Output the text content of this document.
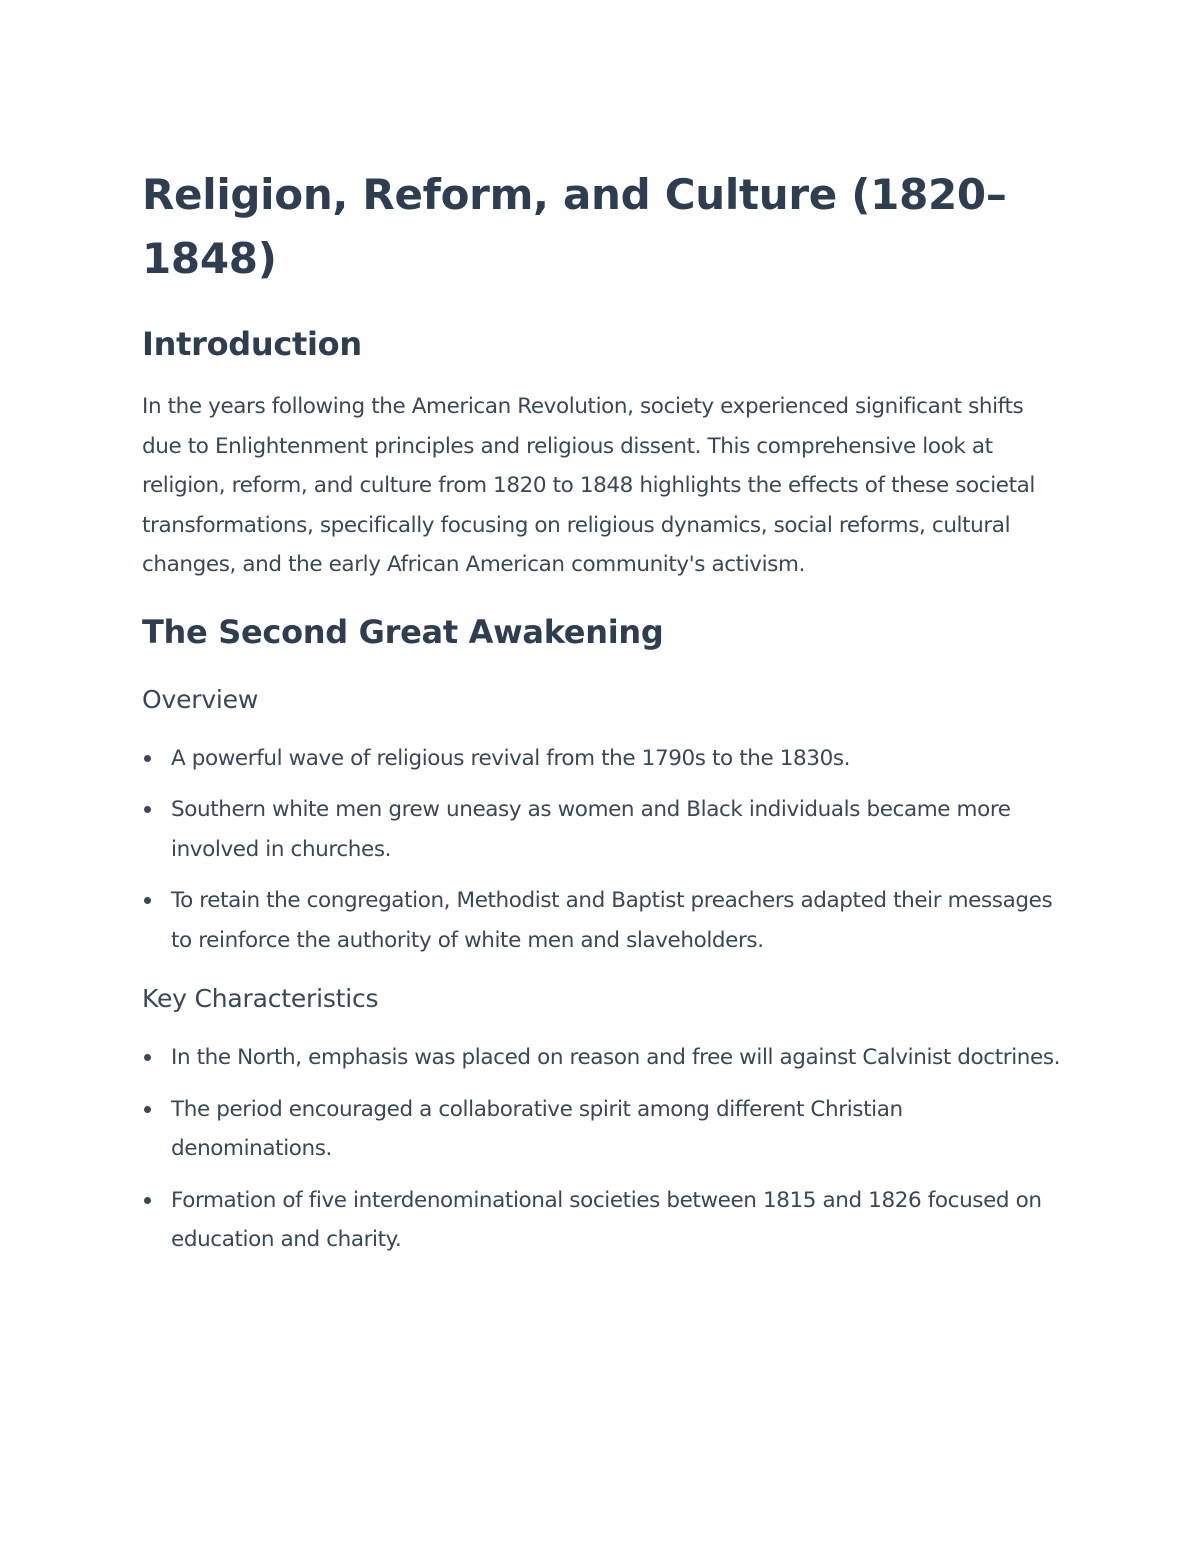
Religion, Reform, and Culture (1820–1848)
Introduction

In the years following the American Revolution, society experienced significant shifts due to Enlightenment principles and religious dissent. This comprehensive look at religion, reform, and culture from 1820 to 1848 highlights the effects of these societal transformations, specifically focusing on religious dynamics, social reforms, cultural changes, and the early African American community's activism.

The Second Great Awakening
Overview
A powerful wave of religious revival from the 1790s to the 1830s.
Southern white men grew uneasy as women and Black individuals became more involved in churches.
To retain the congregation, Methodist and Baptist preachers adapted their messages to reinforce the authority of white men and slaveholders.
Key Characteristics
In the North, emphasis was placed on reason and free will against Calvinist doctrines.
The period encouraged a collaborative spirit among different Christian denominations.
Formation of five interdenominational societies between 1815 and 1826 focused on education and charity.
